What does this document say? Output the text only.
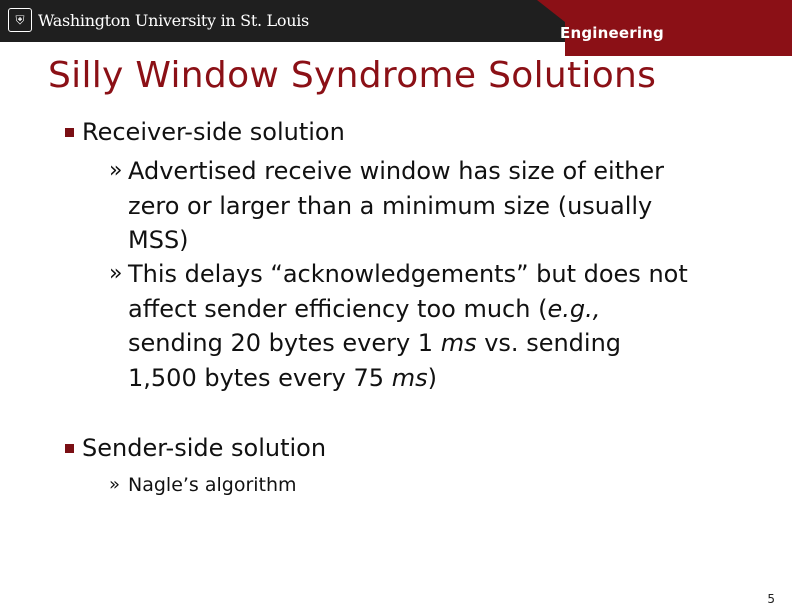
⛨ Washington University in St. Louis
Engineering
Silly Window Syndrome Solutions
Receiver-side solution
» Advertised receive window has size of either
zero or larger than a minimum size (usually
MSS)
» This delays “acknowledgements” but does not
affect sender efficiency too much (e.g.,
sending 20 bytes every 1 ms vs. sending
1,500 bytes every 75 ms)
Sender-side solution
» Nagle’s algorithm
5
